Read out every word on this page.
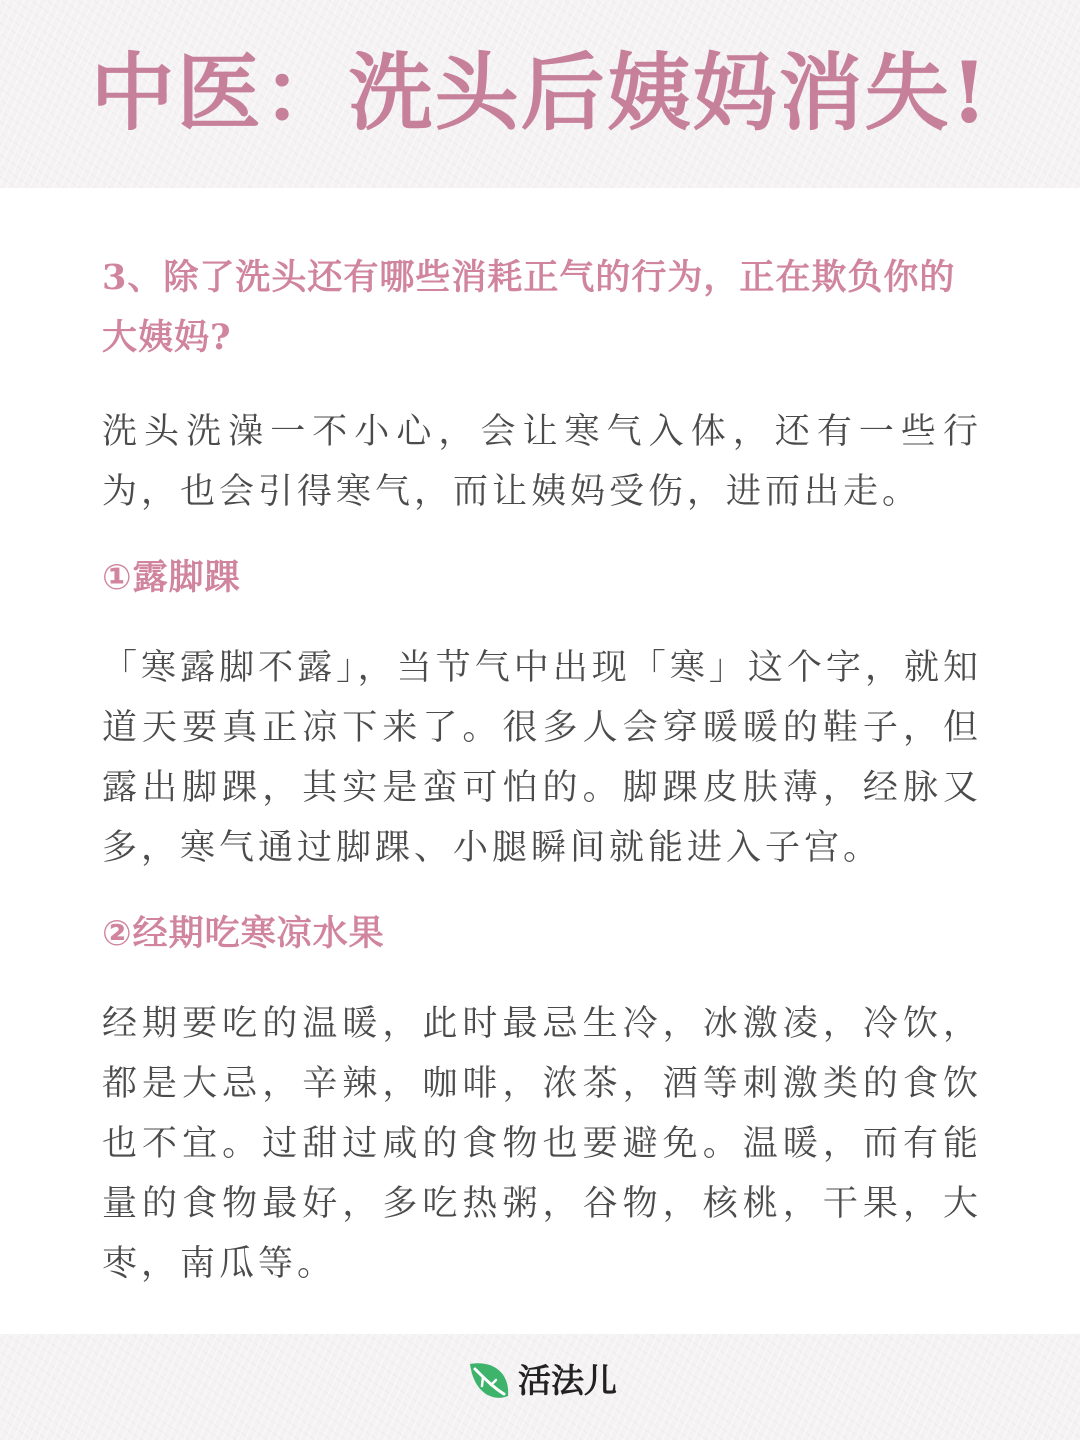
中医：洗头后姨妈消失!
3、除了洗头还有哪些消耗正气的行为，正在欺负你的大姨妈?

洗头洗澡一不小心，会让寒气入体，还有一些行为，也会引得寒气，而让姨妈受伤，进而出走。

①露脚踝

「寒露脚不露」，当节气中出现「寒」这个字，就知道天要真正凉下来了。很多人会穿暖暖的鞋子，但露出脚踝，其实是蛮可怕的。脚踝皮肤薄，经脉又多，寒气通过脚踝、小腿瞬间就能进入子宫。

②经期吃寒凉水果

经期要吃的温暖，此时最忌生冷，冰激凌，冷饮，都是大忌，辛辣，咖啡，浓茶，酒等刺激类的食饮也不宜。过甜过咸的食物也要避免。温暖，而有能量的食物最好，多吃热粥，谷物，核桃，干果，大枣，南瓜等。

活法儿
